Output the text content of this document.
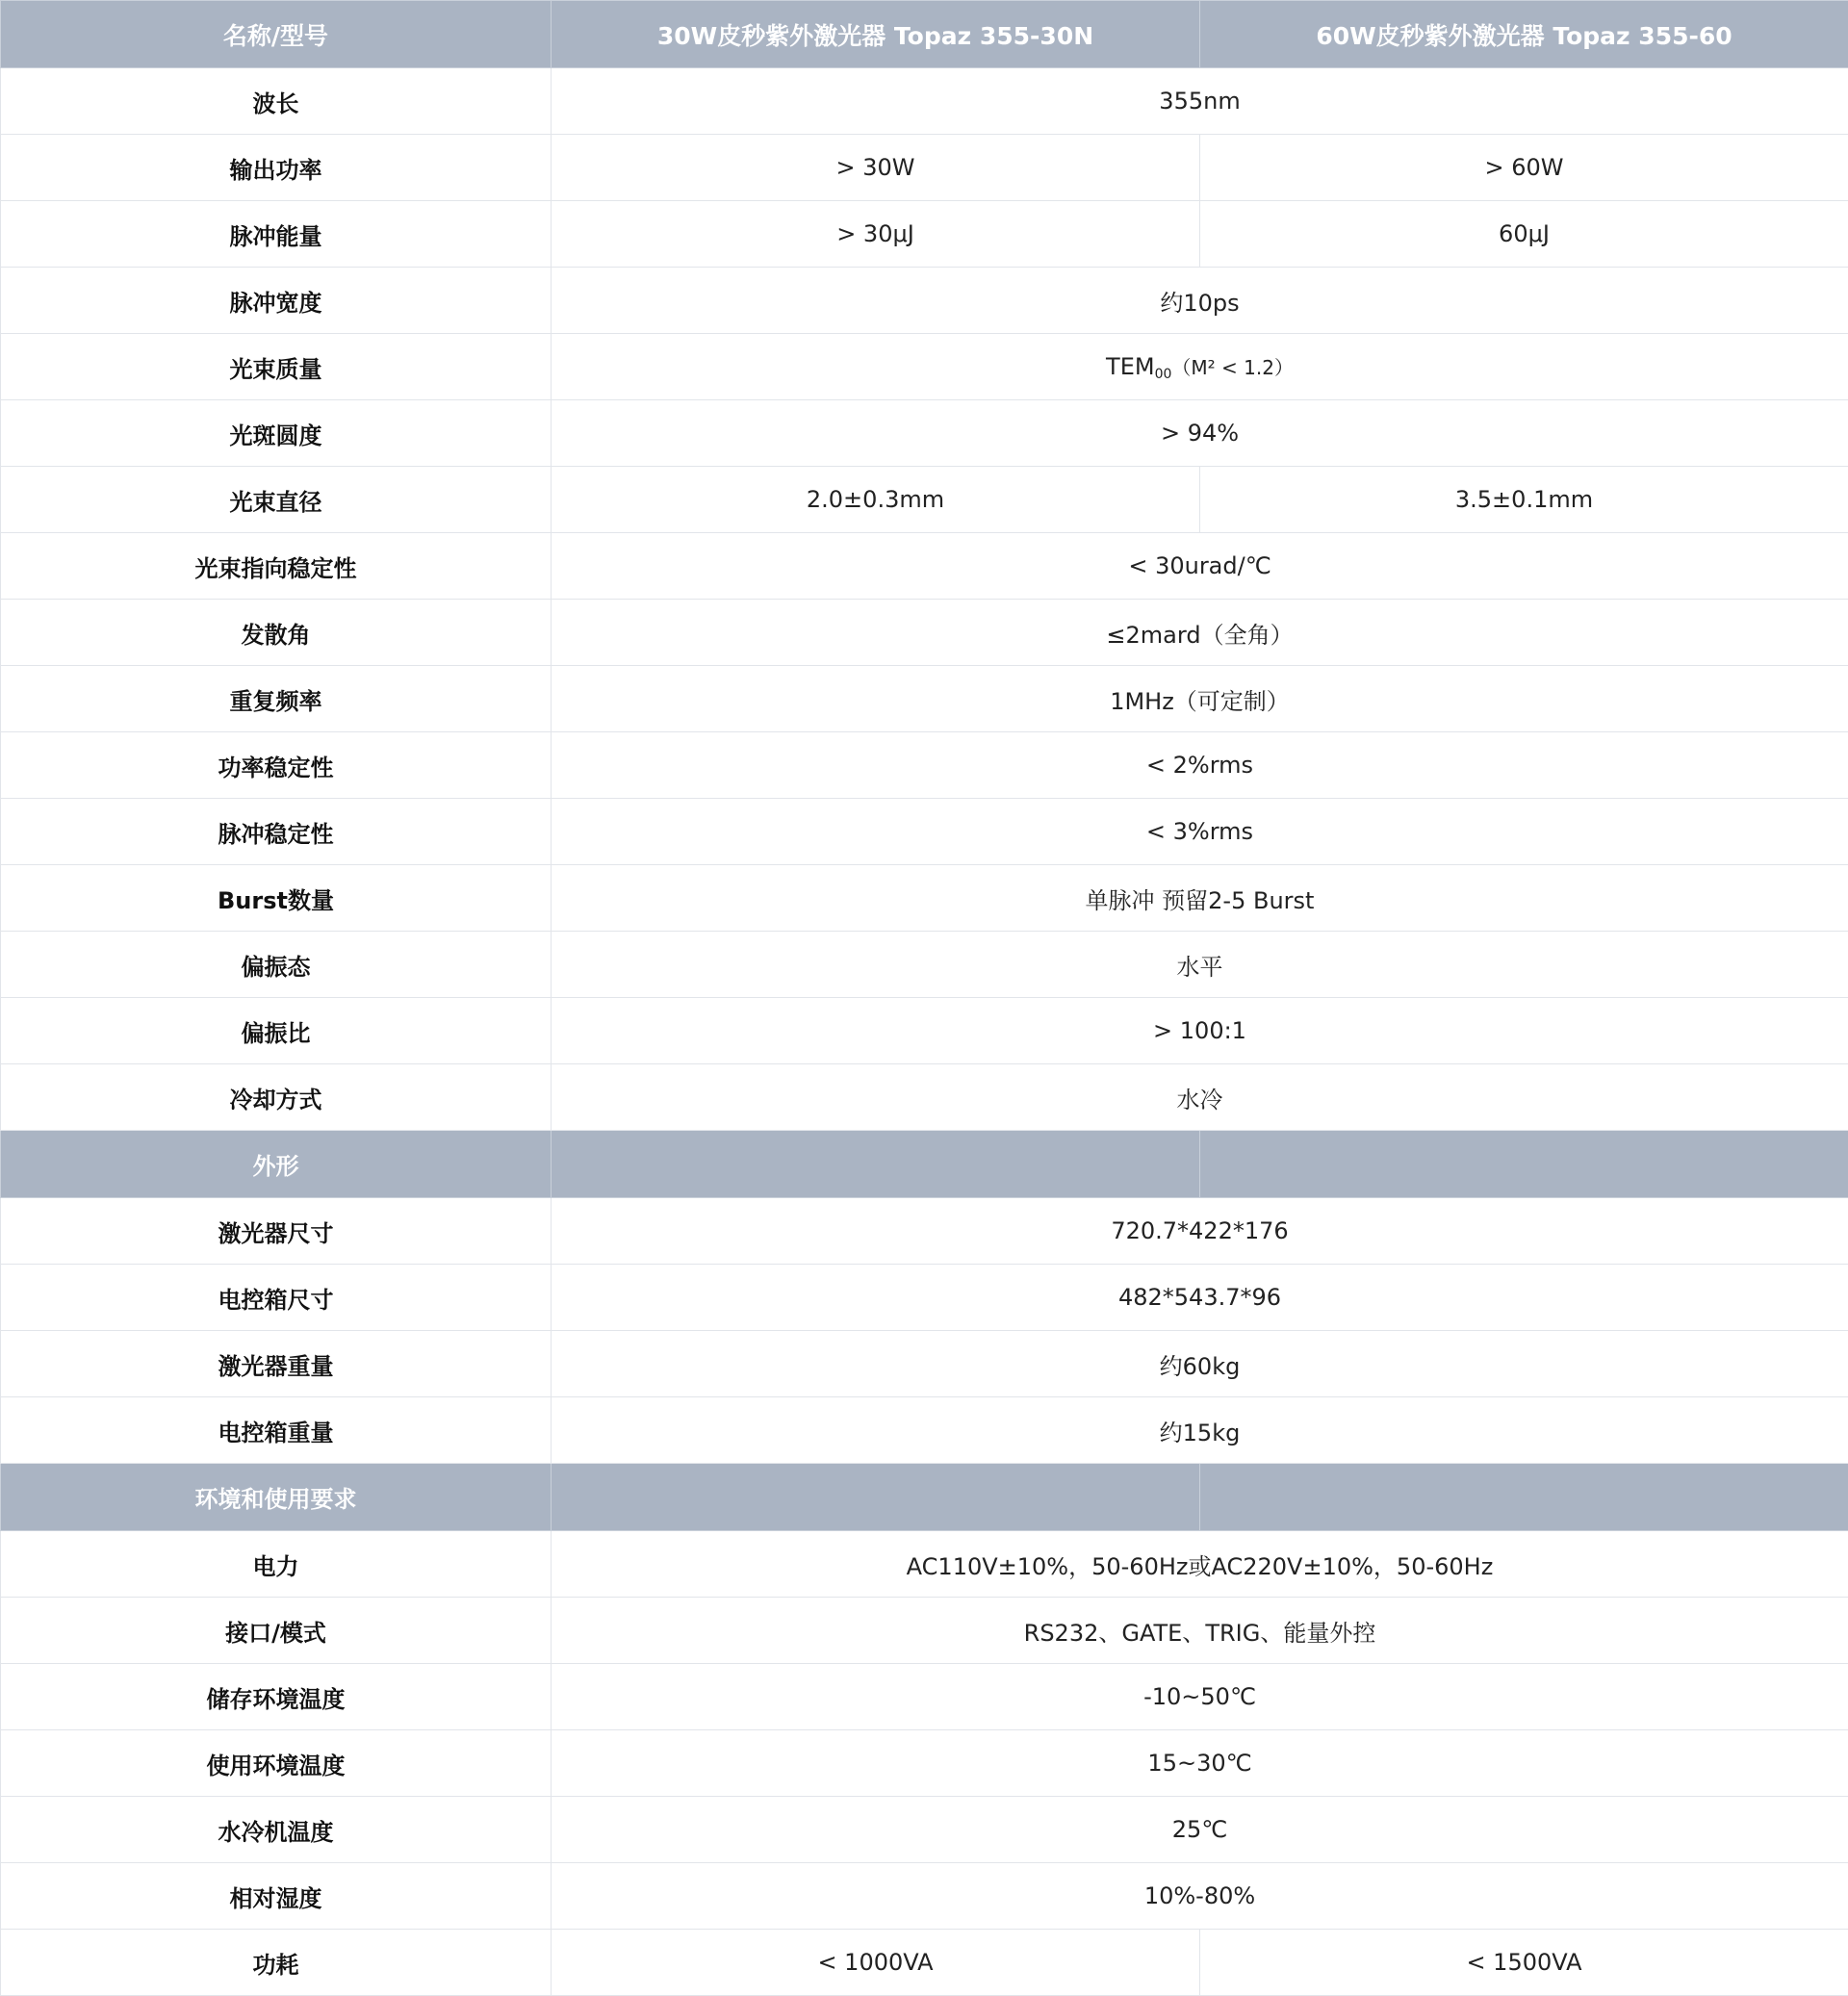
名称/型号	30W皮秒紫外激光器 Topaz 355-30N	60W皮秒紫外激光器 Topaz 355-60
波长	355nm	
输出功率	> 30W	> 60W
脉冲能量	> 30μJ	60μJ
脉冲宽度	约10ps	
光束质量	$TEM_{00}(M^2 < 1.2)$	
光斑圆度	> 94%	
光束直径	2.0±0.3mm	3.5±0.1mm
光束指向稳定性	< 30urad/℃	
发散角	≤2mard（全角）	
重复频率	1MHz（可定制）	
功率稳定性	< 2%rms	
脉冲稳定性	< 3%rms	
Burst数量	单脉冲 预留2-5 Burst	
偏振态	水平	
偏振比	> 100:1	
冷却方式	水冷	
外形		
激光器尺寸	720.7*422*176	
电控箱尺寸	482*543.7*96	
激光器重量	约60kg	
电控箱重量	约15kg	
环境和使用要求		
电力	AC110V±10%，50-60Hz或AC220V±10%，50-60Hz	
接口/模式	RS232、GATE、TRIG、能量外控	
储存环境温度	-10~50℃	
使用环境温度	15~30℃	
水冷机温度	25℃	
相对湿度	10%-80%	
功耗	< 1000VA	< 1500VA
